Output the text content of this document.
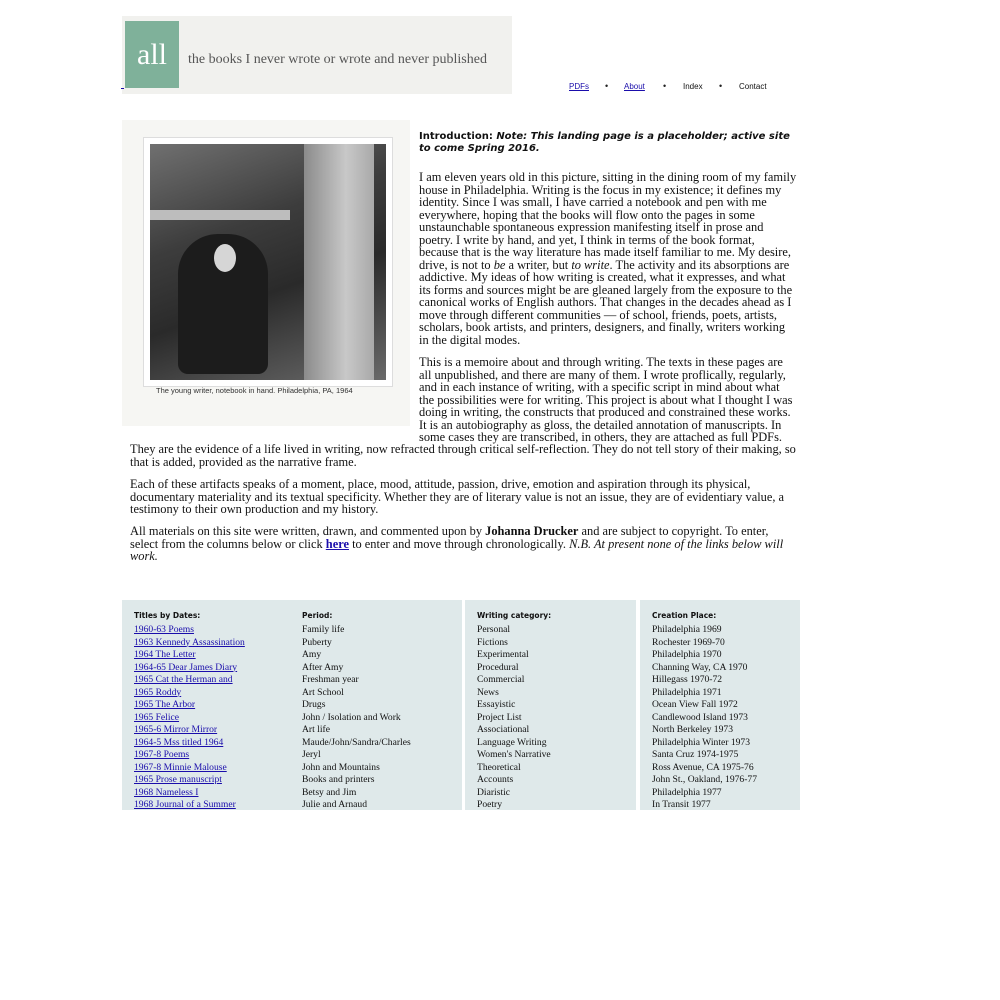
all	the books I never wrote or wrote and never published
PDFs • About • Index • Contact
The young writer, notebook in hand. Philadelphia, PA, 1964
Introduction: Note: This landing page is a placeholder; active site to come Spring 2016.
I am eleven years old in this picture, sitting in the dining room of my family house in Philadelphia. Writing is the focus in my existence; it defines my identity. Since I was small, I have carried a notebook and pen with me everywhere, hoping that the books will flow onto the pages in some unstaunchable spontaneous expression manifesting itself in prose and poetry. I write by hand, and yet, I think in terms of the book format, because that is the way literature has made itself familiar to me. My desire, drive, is not to be a writer, but to write. The activity and its absorptions are addictive. My ideas of how writing is created, what it expresses, and what its forms and sources might be are gleaned largely from the exposure to the canonical works of English authors. That changes in the decades ahead as I move through different communities — of school, friends, poets, artists, scholars, book artists, and printers, designers, and finally, writers working in the digital modes.
This is a memoire about and through writing. The texts in these pages are all unpublished, and there are many of them. I wrote proflically, regularly, and in each instance of writing, with a specific script in mind about what the possibilities were for writing. This project is about what I thought I was doing in writing, the constructs that produced and constrained these works. It is an autobiography as gloss, the detailed annotation of manuscripts. In some cases they are transcribed, in others, they are attached as full PDFs.
They are the evidence of a life lived in writing, now refracted through critical self-reflection. They do not tell story of their making, so that is added, provided as the narrative frame.
Each of these artifacts speaks of a moment, place, mood, attitude, passion, drive, emotion and aspiration through its physical, documentary materiality and its textual specificity. Whether they are of literary value is not an issue, they are of evidentiary value, a testimony to their own production and my history.
All materials on this site were written, drawn, and commented upon by Johanna Drucker and are subject to copyright. To enter, select from the columns below or click here to enter and move through chronologically. N.B. At present none of the links below will work.
Titles by Dates:
1960-63 Poems
1963 Kennedy Assassination
1964 The Letter
1964-65 Dear James Diary
1965 Cat the Herman and
1965 Roddy
1965 The Arbor
1965 Felice
1965-6 Mirror Mirror
1964-5 Mss titled 1964
1967-8 Poems
1967-8 Minnie Malouse
1965 Prose manuscript
1968 Nameless I
1968 Journal of a Summer
Period:
Family life
Puberty
Amy
After Amy
Freshman year
Art School
Drugs
John / Isolation and Work
Art life
Maude/John/Sandra/Charles
Jeryl
John and Mountains
Books and printers
Betsy and Jim
Julie and Arnaud
Writing category:
Personal
Fictions
Experimental
Procedural
Commercial
News
Essayistic
Project List
Associational
Language Writing
Women's Narrative
Theoretical
Accounts
Diaristic
Poetry
Creation Place:
Philadelphia 1969
Rochester 1969-70
Philadelphia 1970
Channing Way, CA 1970
Hillegass 1970-72
Philadelphia 1971
Ocean View Fall 1972
Candlewood Island 1973
North Berkeley 1973
Philadelphia Winter 1973
Santa Cruz 1974-1975
Ross Avenue, CA 1975-76
John St., Oakland, 1976-77
Philadelphia 1977
In Transit 1977
